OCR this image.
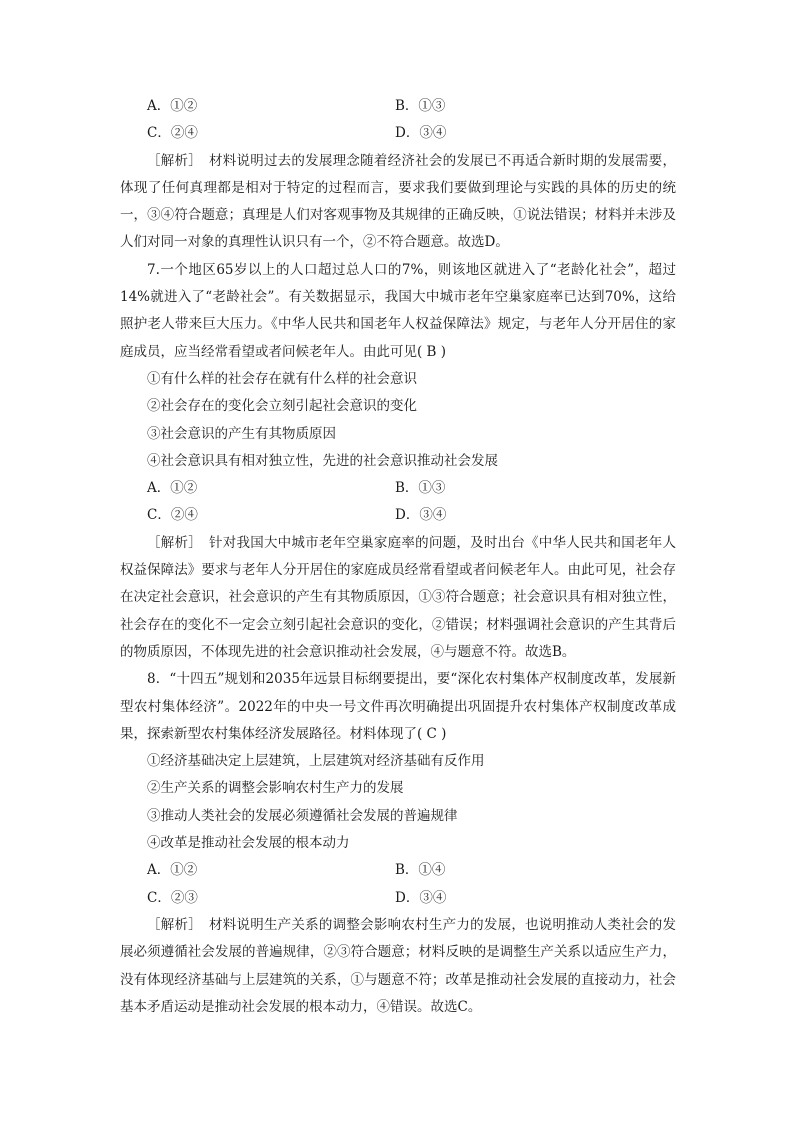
A．①②	B．①③
C．②④	D．③④
［解析］　材料说明过去的发展理念随着经济社会的发展已不再适合新时期的发展需要，体现了任何真理都是相对于特定的过程而言，要求我们要做到理论与实践的具体的历史的统一，③④符合题意；真理是人们对客观事物及其规律的正确反映，①说法错误；材料并未涉及人们对同一对象的真理性认识只有一个，②不符合题意。故选D。
7.一个地区65岁以上的人口超过总人口的7%，则该地区就进入了“老龄化社会”，超过14%就进入了“老龄社会”。有关数据显示，我国大中城市老年空巢家庭率已达到70%，这给照护老人带来巨大压力。《中华人民共和国老年人权益保障法》规定，与老年人分开居住的家庭成员，应当经常看望或者问候老年人。由此可见( B )
①有什么样的社会存在就有什么样的社会意识
②社会存在的变化会立刻引起社会意识的变化
③社会意识的产生有其物质原因
④社会意识具有相对独立性，先进的社会意识推动社会发展
A．①②	B．①③
C．②④	D．③④
［解析］　针对我国大中城市老年空巢家庭率的问题，及时出台《中华人民共和国老年人权益保障法》要求与老年人分开居住的家庭成员经常看望或者问候老年人。由此可见，社会存在决定社会意识，社会意识的产生有其物质原因，①③符合题意；社会意识具有相对独立性，社会存在的变化不一定会立刻引起社会意识的变化，②错误；材料强调社会意识的产生其背后的物质原因，不体现先进的社会意识推动社会发展，④与题意不符。故选B。
8．“十四五”规划和2035年远景目标纲要提出，要“深化农村集体产权制度改革，发展新型农村集体经济”。2022年的中央一号文件再次明确提出巩固提升农村集体产权制度改革成果，探索新型农村集体经济发展路径。材料体现了( C )
①经济基础决定上层建筑，上层建筑对经济基础有反作用
②生产关系的调整会影响农村生产力的发展
③推动人类社会的发展必须遵循社会发展的普遍规律
④改革是推动社会发展的根本动力
A．①②	B．①④
C．②③	D．③④
［解析］　材料说明生产关系的调整会影响农村生产力的发展，也说明推动人类社会的发展必须遵循社会发展的普遍规律，②③符合题意；材料反映的是调整生产关系以适应生产力，没有体现经济基础与上层建筑的关系，①与题意不符；改革是推动社会发展的直接动力，社会基本矛盾运动是推动社会发展的根本动力，④错误。故选C。
